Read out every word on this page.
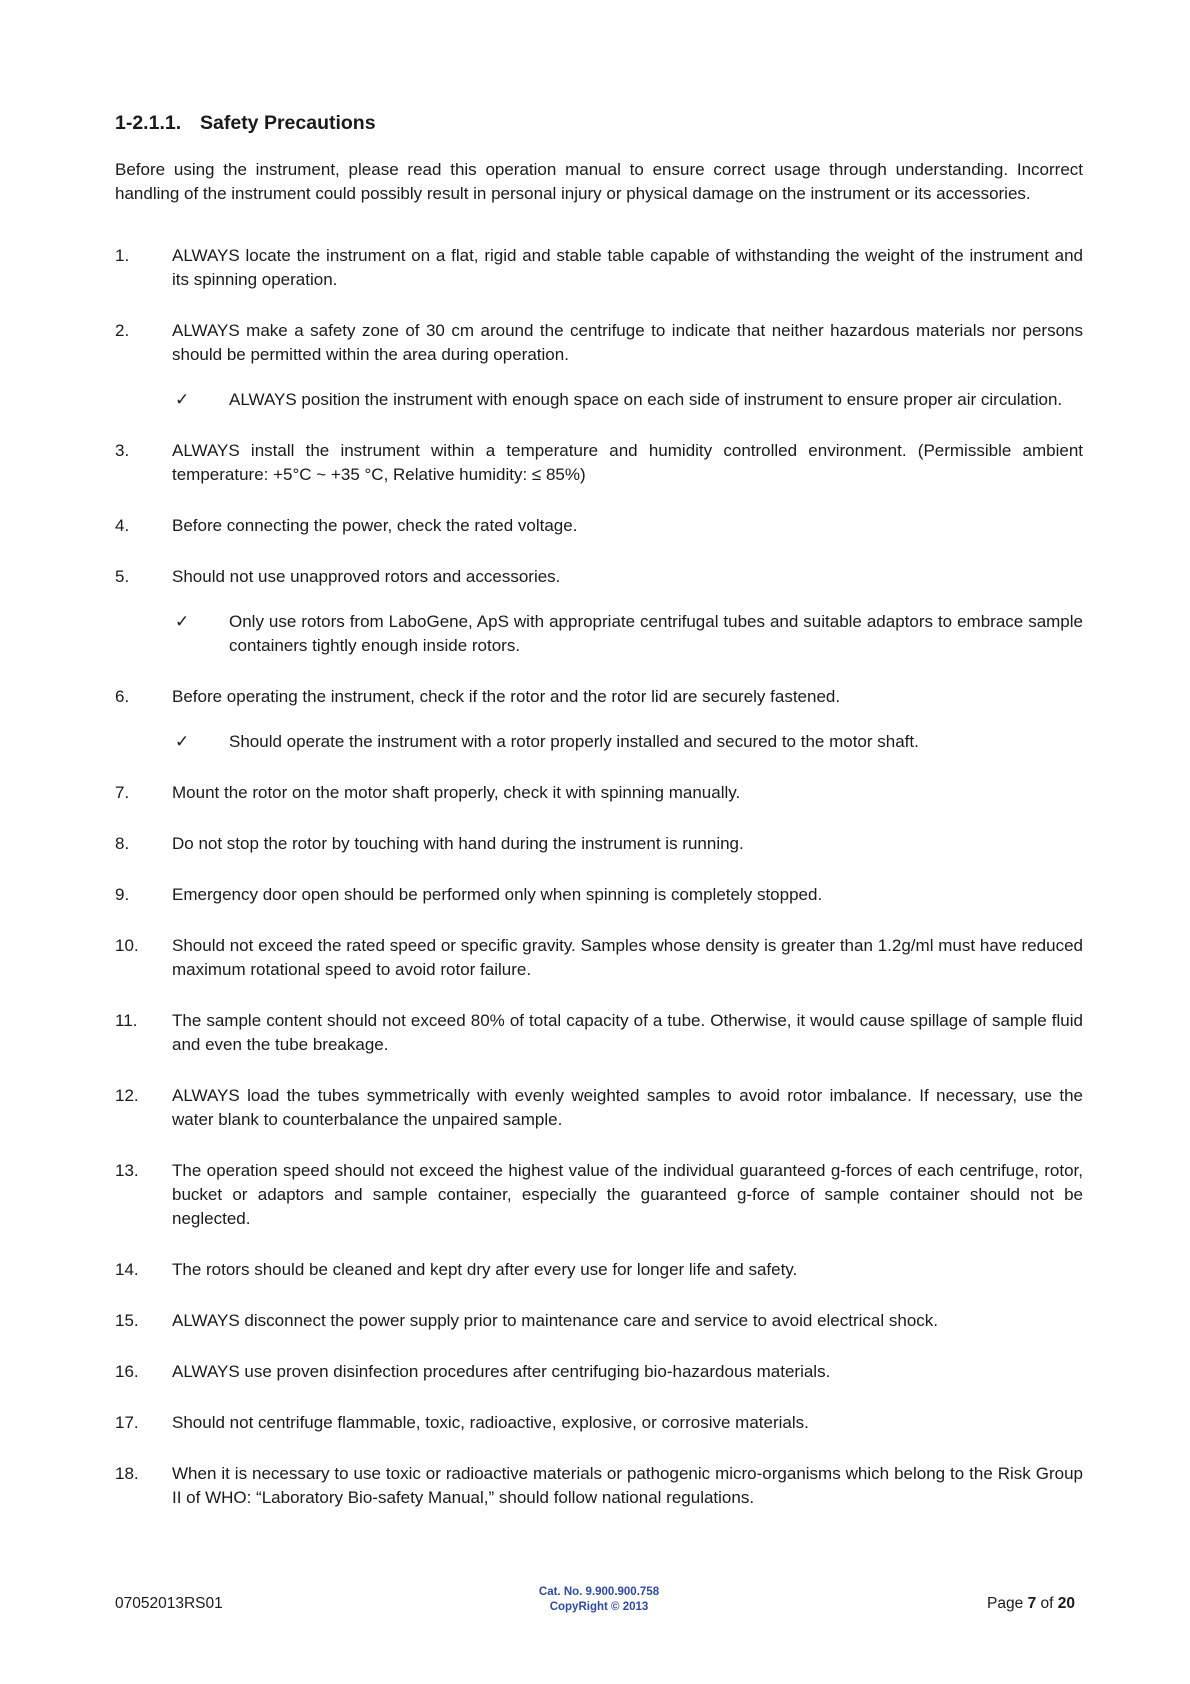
1-2.1.1. Safety Precautions

Before using the instrument, please read this operation manual to ensure correct usage through understanding. Incorrect handling of the instrument could possibly result in personal injury or physical damage on the instrument or its accessories.

1.	ALWAYS locate the instrument on a flat, rigid and stable table capable of withstanding the weight of the instrument and its spinning operation.
2.	ALWAYS make a safety zone of 30 cm around the centrifuge to indicate that neither hazardous materials nor persons should be permitted within the area during operation.
✓	ALWAYS position the instrument with enough space on each side of instrument to ensure proper air circulation.
3.	ALWAYS install the instrument within a temperature and humidity controlled environment. (Permissible ambient temperature: +5°C ~ +35 °C, Relative humidity: ≤ 85%)
4.	Before connecting the power, check the rated voltage.
5.	Should not use unapproved rotors and accessories.
✓	Only use rotors from LaboGene, ApS with appropriate centrifugal tubes and suitable adaptors to embrace sample containers tightly enough inside rotors.
6.	Before operating the instrument, check if the rotor and the rotor lid are securely fastened.
✓	Should operate the instrument with a rotor properly installed and secured to the motor shaft.
7.	Mount the rotor on the motor shaft properly, check it with spinning manually.
8.	Do not stop the rotor by touching with hand during the instrument is running.
9.	Emergency door open should be performed only when spinning is completely stopped.
10.	Should not exceed the rated speed or specific gravity. Samples whose density is greater than 1.2g/ml must have reduced maximum rotational speed to avoid rotor failure.
11.	The sample content should not exceed 80% of total capacity of a tube. Otherwise, it would cause spillage of sample fluid and even the tube breakage.
12.	ALWAYS load the tubes symmetrically with evenly weighted samples to avoid rotor imbalance. If necessary, use the water blank to counterbalance the unpaired sample.
13.	The operation speed should not exceed the highest value of the individual guaranteed g-forces of each centrifuge, rotor, bucket or adaptors and sample container, especially the guaranteed g-force of sample container should not be neglected.
14.	The rotors should be cleaned and kept dry after every use for longer life and safety.
15.	ALWAYS disconnect the power supply prior to maintenance care and service to avoid electrical shock.
16.	ALWAYS use proven disinfection procedures after centrifuging bio-hazardous materials.
17.	Should not centrifuge flammable, toxic, radioactive, explosive, or corrosive materials.
18.	When it is necessary to use toxic or radioactive materials or pathogenic micro-organisms which belong to the Risk Group II of WHO: “Laboratory Bio-safety Manual,” should follow national regulations.
07052013RS01
Cat. No. 9.900.900.758
CopyRight © 2013	Page 7 of 20
